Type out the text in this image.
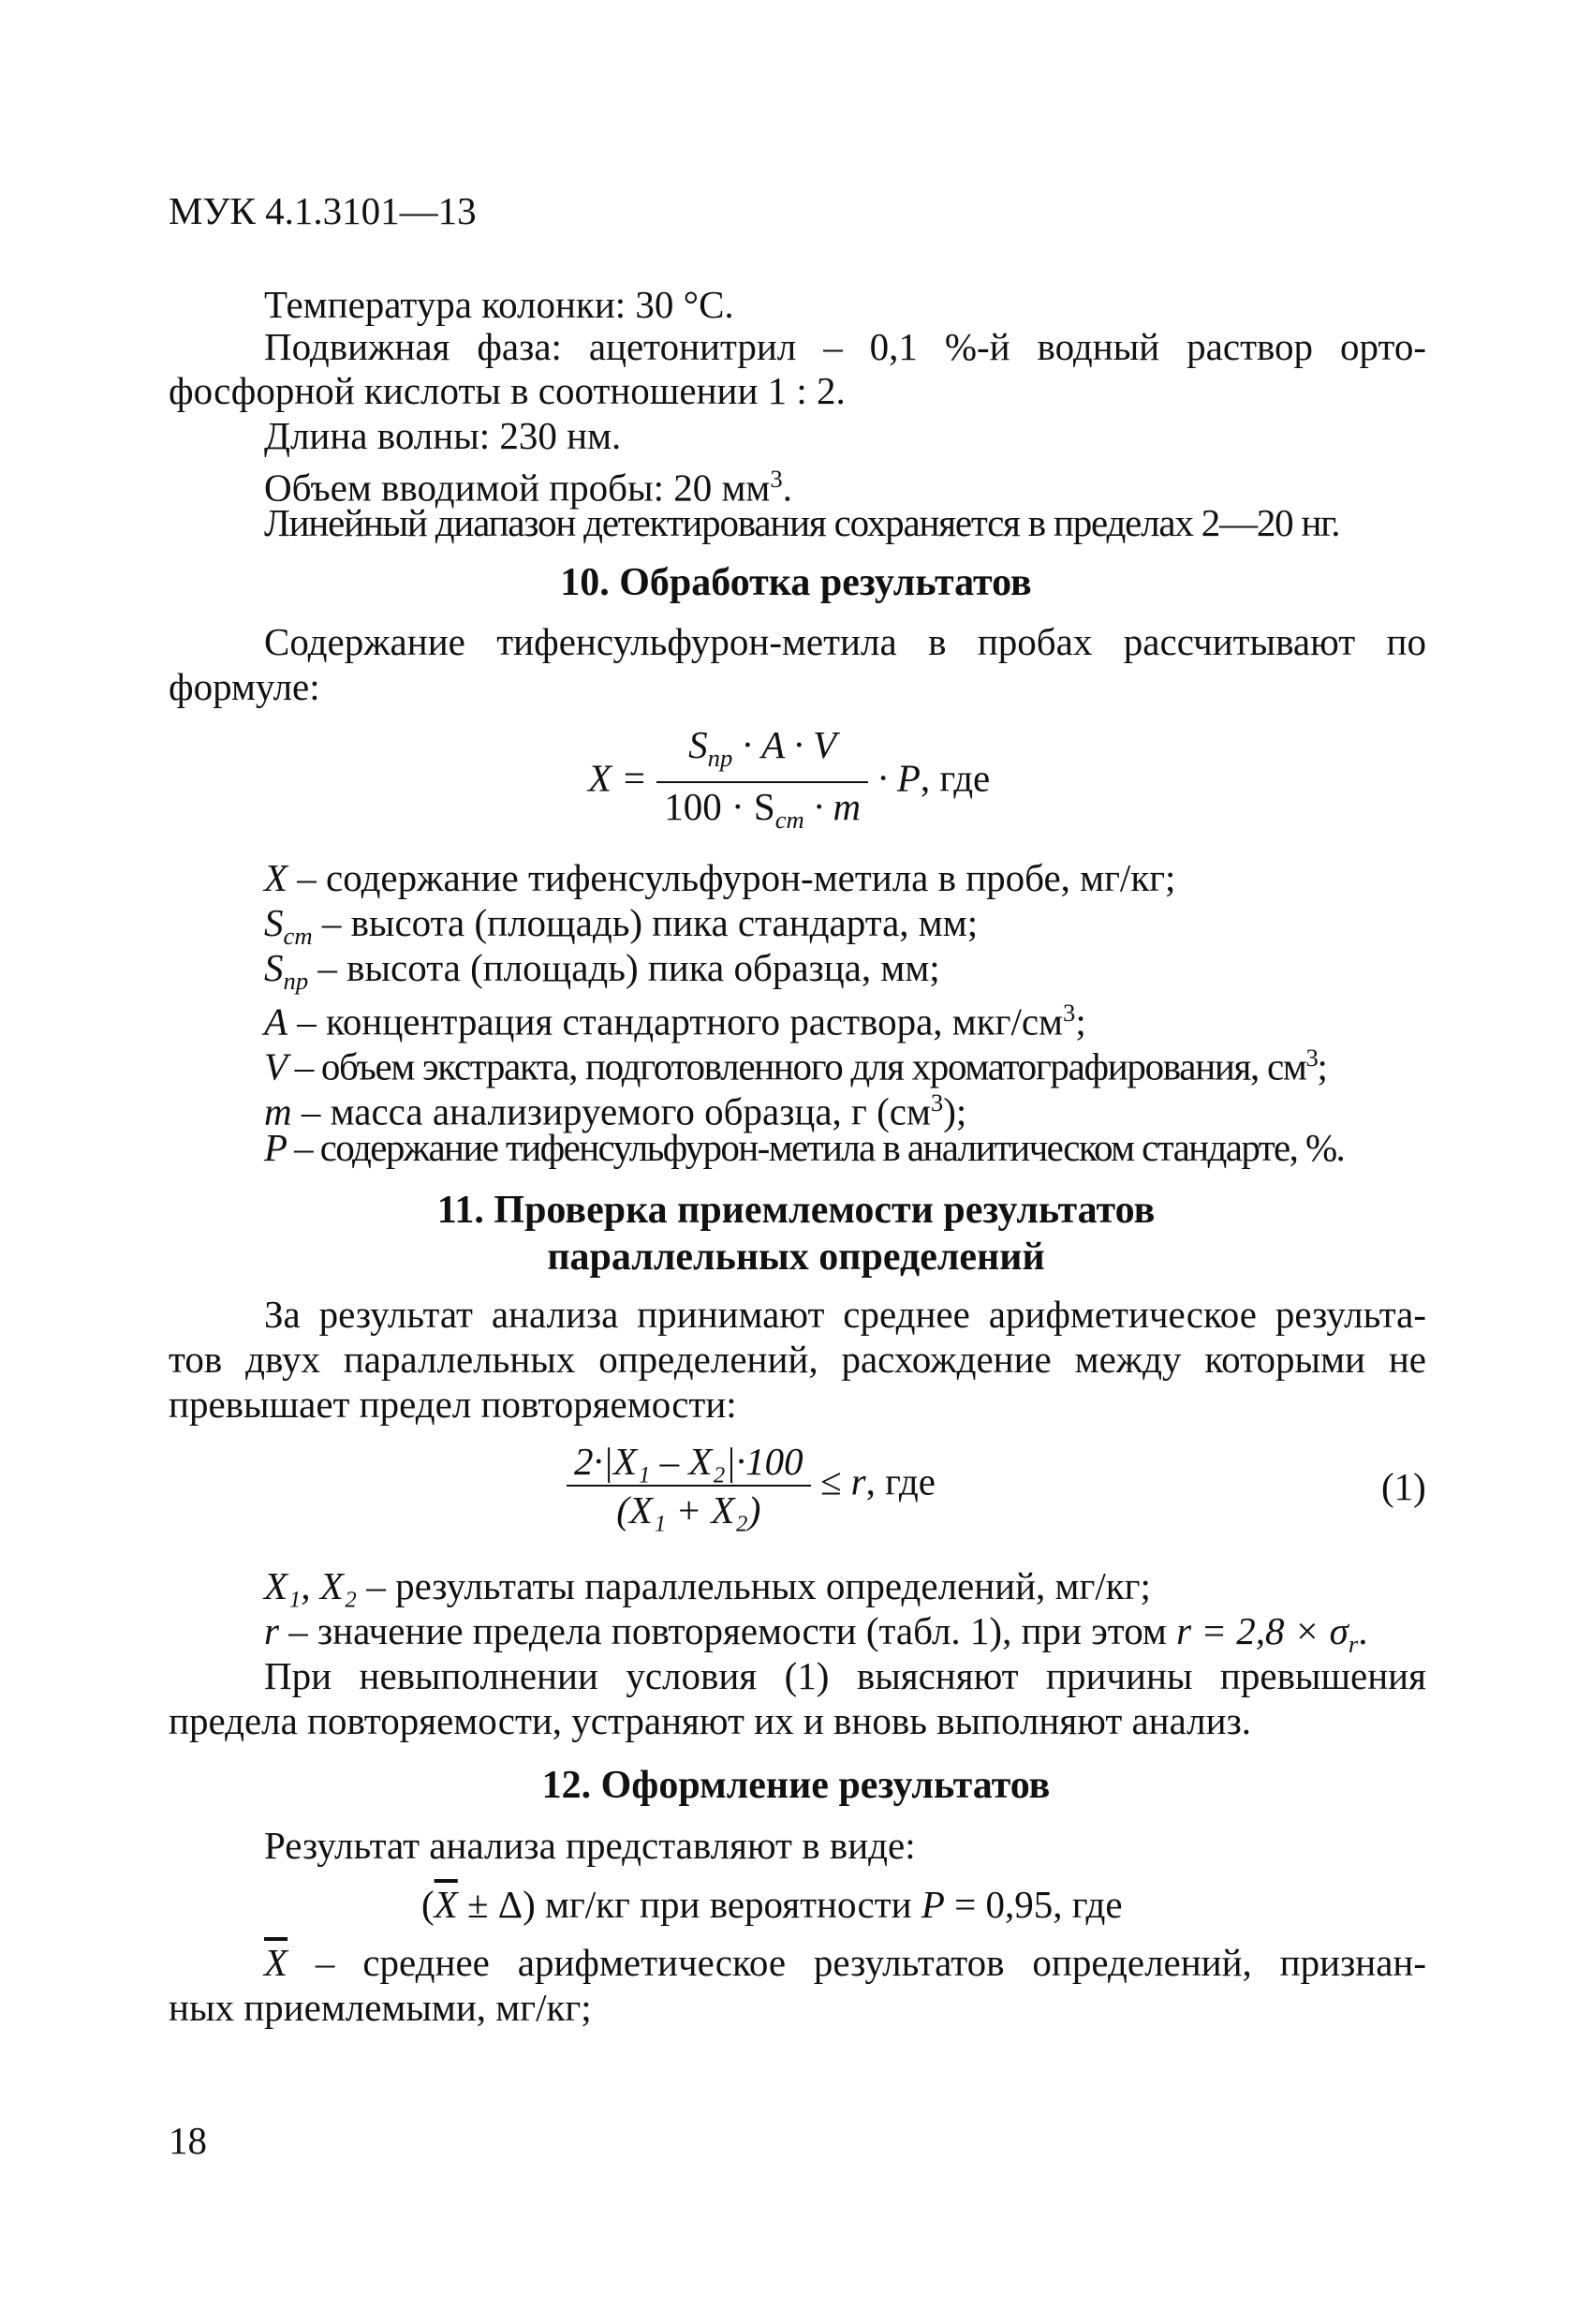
МУК 4.1.3101—13
Температура колонки: 30 °С.
Подвижная фаза: ацетонитрил – 0,1 %-й водный раствор орто-
фосфорной кислоты в соотношении 1 : 2.
Длина волны: 230 нм.
Объем вводимой пробы: 20 $мм^3$.
Линейный диапазон детектирования сохраняется в пределах 2—20 нг.
10. Обработка результатов
Содержание тифенсульфурон-метила в пробах рассчитывают по
формуле:
$X = \frac{S_{пр} \cdot A \cdot V}{100 \cdot S_{ст} \cdot m} \cdot P$, где
X – содержание тифенсульфурон-метила в пробе, мг/кг;
$S_{ст}$ – высота (площадь) пика стандарта, мм;
$S_{пр}$ – высота (площадь) пика образца, мм;
A – концентрация стандартного раствора, мкг/$см^3$;
V – объем экстракта, подготовленного для хроматографирования, $см^3$;
m – масса анализируемого образца, г $(см^3)$;
P – содержание тифенсульфурон-метила в аналитическом стандарте, %.
11. Проверка приемлемости результатов
параллельных определений
За результат анализа принимают среднее арифметическое результа-
тов двух параллельных определений, расхождение между которыми не
превышает предел повторяемости:
$\frac{\text{2·|X₁ – X₂|·100}}{\text{(X₁ + X₂)}} \le r$, где	(1)
X₁, X₂ – результаты параллельных определений, мг/кг;
r – значение предела повторяемости (табл. 1), при этом $r = 2,8 \times \sigma_r$.
При невыполнении условия (1) выясняют причины превышения
предела повторяемости, устраняют их и вновь выполняют анализ.
12. Оформление результатов
Результат анализа представляют в виде:
$(\overline{X} \pm \Delta)$ мг/кг при вероятности P = 0,95, где
$\overline{X}$ – среднее арифметическое результатов определений, признан-
ных приемлемыми, мг/кг;
18
